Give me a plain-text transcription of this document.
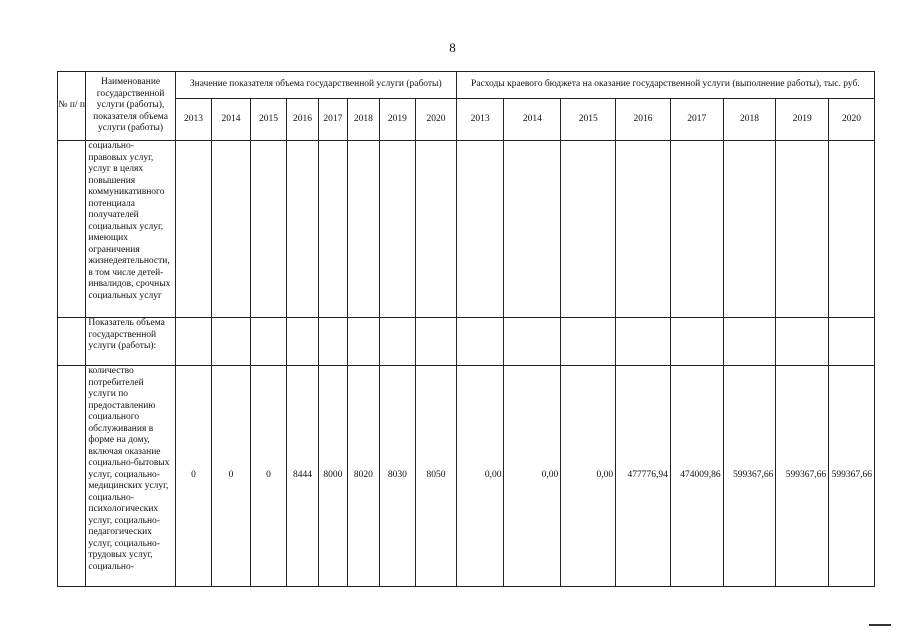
8
№ п/ п	Наименование государственной услуги (работы), показателя объема услуги (работы)	Значение показателя объема государственной услуги (работы)								Расходы краевого бюджета на оказание государственной услуги (выполнение работы), тыс. руб.							
		2013	2014	2015	2016	2017	2018	2019	2020	2013	2014	2015	2016	2017	2018	2019	2020
	социально-правовых услуг, услуг в целях повышения коммуникативного потенциала получателей социальных услуг, имеющих ограничения жизнедеятельности, в том числе детей-инвалидов, срочных социальных услуг																
	Показатель объема государственной услуги (работы):																
	количество потребителей услуги по предоставлению социального обслуживания в форме на дому, включая оказание социально-бытовых услуг, социально-медицинских услуг, социально-психологических услуг, социально-педагогических услуг, социально-трудовых услуг, социально-	0	0	0	8444	8000	8020	8030	8050	0,00	0,00	0,00	477776,94	474009,86	599367,66	599367,66	599367,66
